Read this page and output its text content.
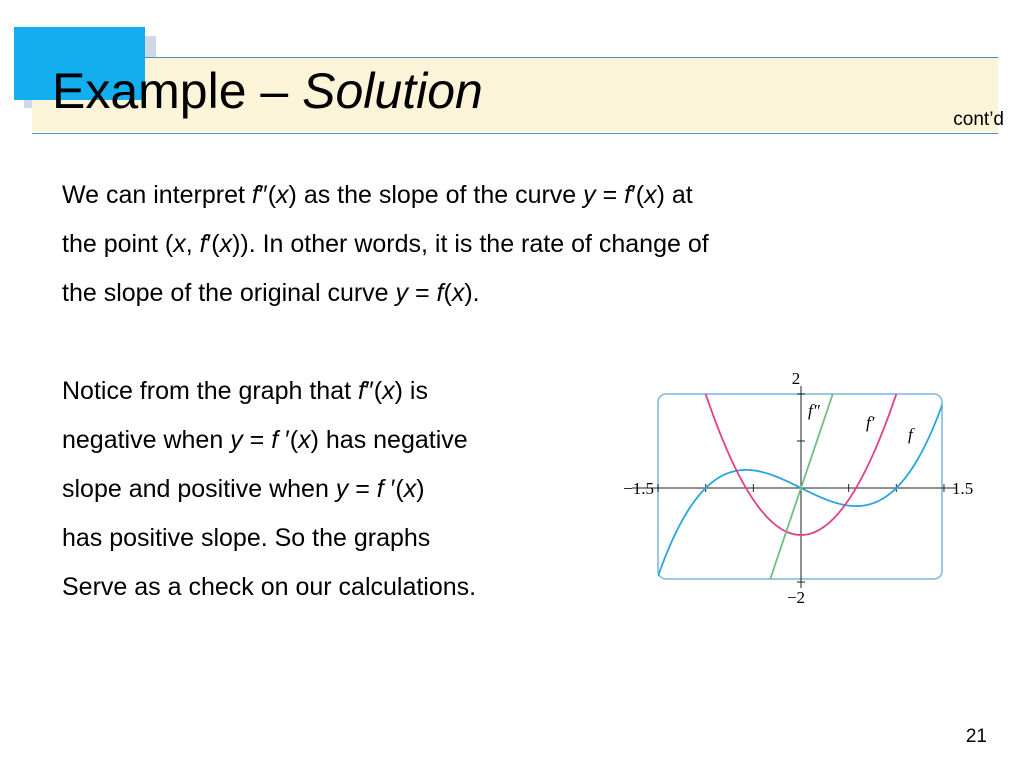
Example – Solution
cont’d
We can interpret f″(x) as the slope of the curve y = f′(x) at
the point (x, f′(x)). In other words, it is the rate of change of
the slope of the original curve y = f(x).
Notice from the graph that f″(x) is
negative when y = f ′(x) has negative
slope and positive when y = f ′(x)
has positive slope. So the graphs
Serve as a check on our calculations.
2
−2
−1.5	1.5
f″
f′
f
21
